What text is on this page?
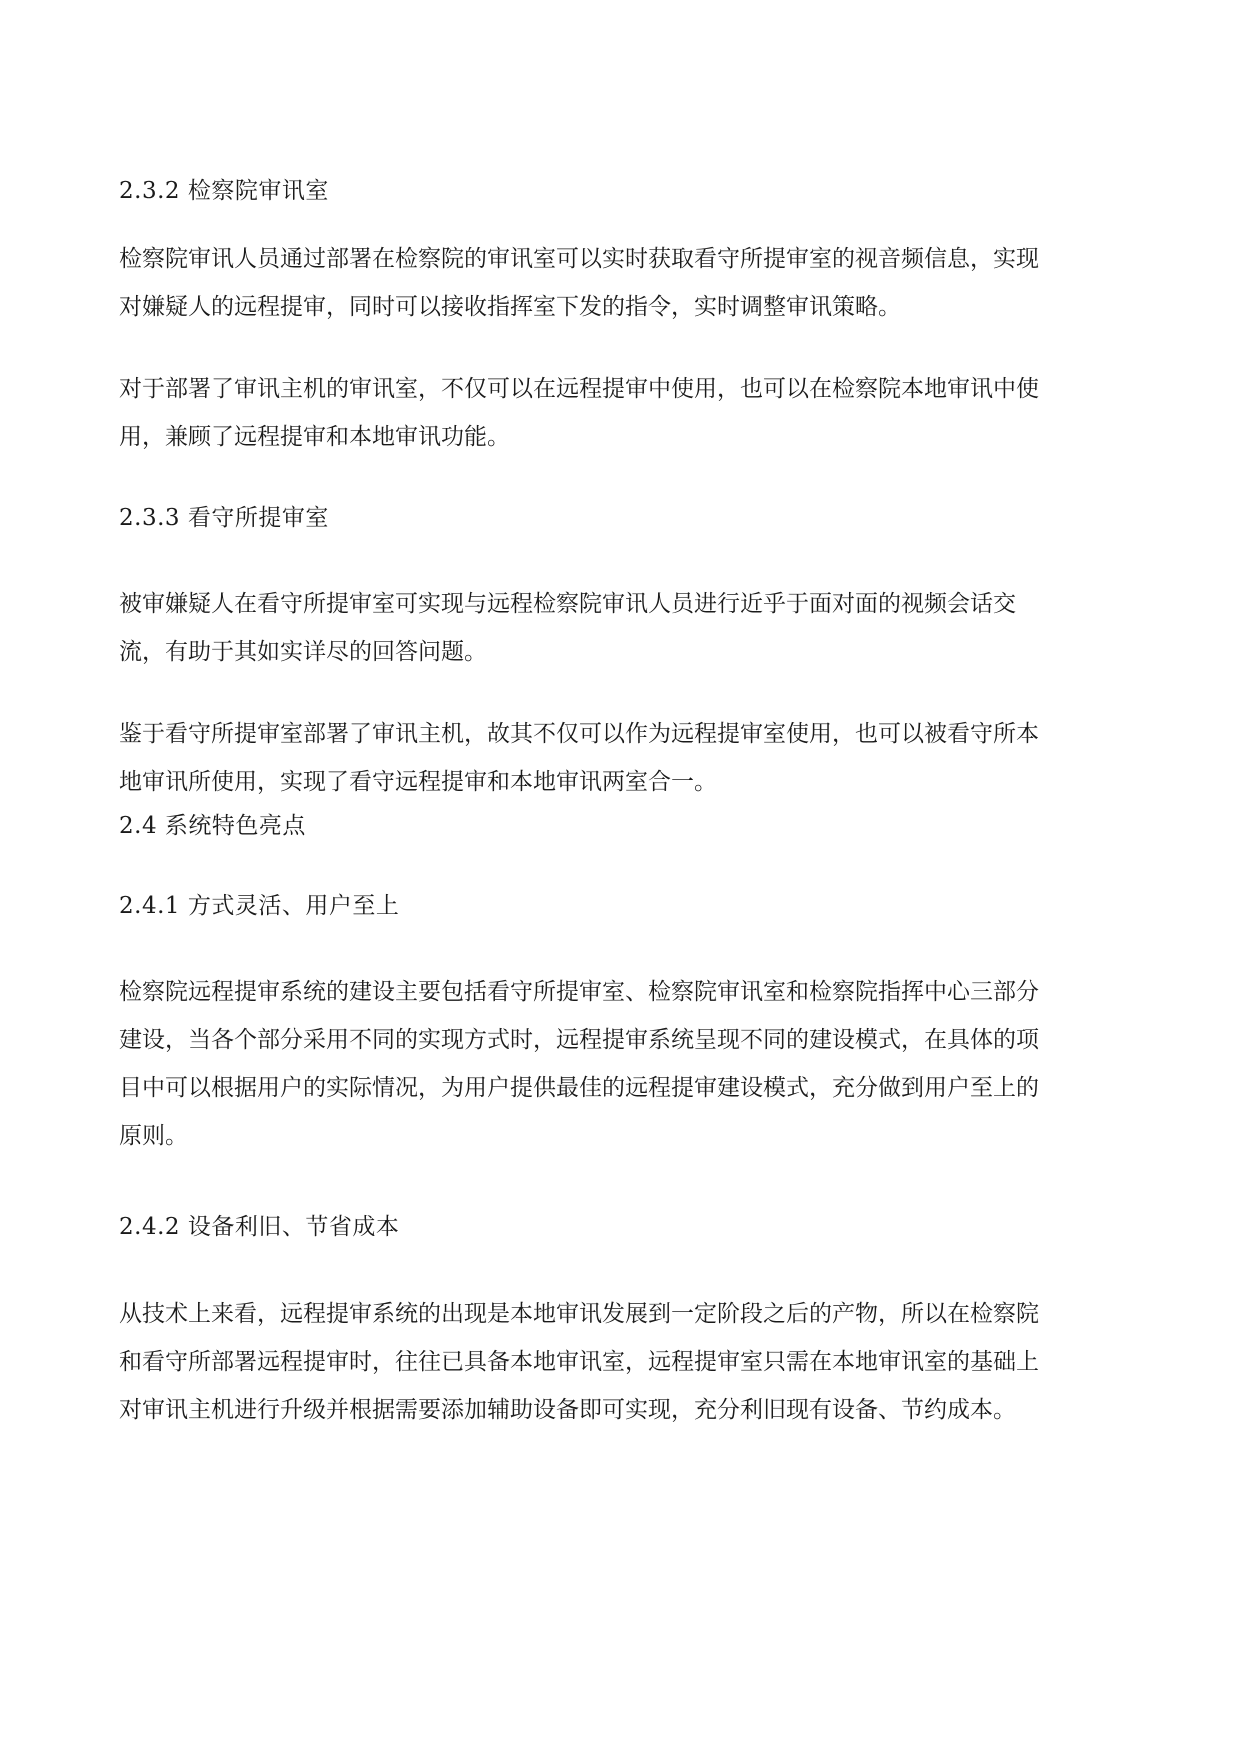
2.3.2 检察院审讯室
检察院审讯人员通过部署在检察院的审讯室可以实时获取看守所提审室的视音频信息，实现
对嫌疑人的远程提审，同时可以接收指挥室下发的指令，实时调整审讯策略。
对于部署了审讯主机的审讯室，不仅可以在远程提审中使用，也可以在检察院本地审讯中使
用，兼顾了远程提审和本地审讯功能。
2.3.3 看守所提审室
被审嫌疑人在看守所提审室可实现与远程检察院审讯人员进行近乎于面对面的视频会话交
流，有助于其如实详尽的回答问题。
鉴于看守所提审室部署了审讯主机，故其不仅可以作为远程提审室使用，也可以被看守所本
地审讯所使用，实现了看守远程提审和本地审讯两室合一。
2.4 系统特色亮点
2.4.1 方式灵活、用户至上
检察院远程提审系统的建设主要包括看守所提审室、检察院审讯室和检察院指挥中心三部分
建设，当各个部分采用不同的实现方式时，远程提审系统呈现不同的建设模式，在具体的项
目中可以根据用户的实际情况，为用户提供最佳的远程提审建设模式，充分做到用户至上的
原则。
2.4.2 设备利旧、节省成本
从技术上来看，远程提审系统的出现是本地审讯发展到一定阶段之后的产物，所以在检察院
和看守所部署远程提审时，往往已具备本地审讯室，远程提审室只需在本地审讯室的基础上
对审讯主机进行升级并根据需要添加辅助设备即可实现，充分利旧现有设备、节约成本。
